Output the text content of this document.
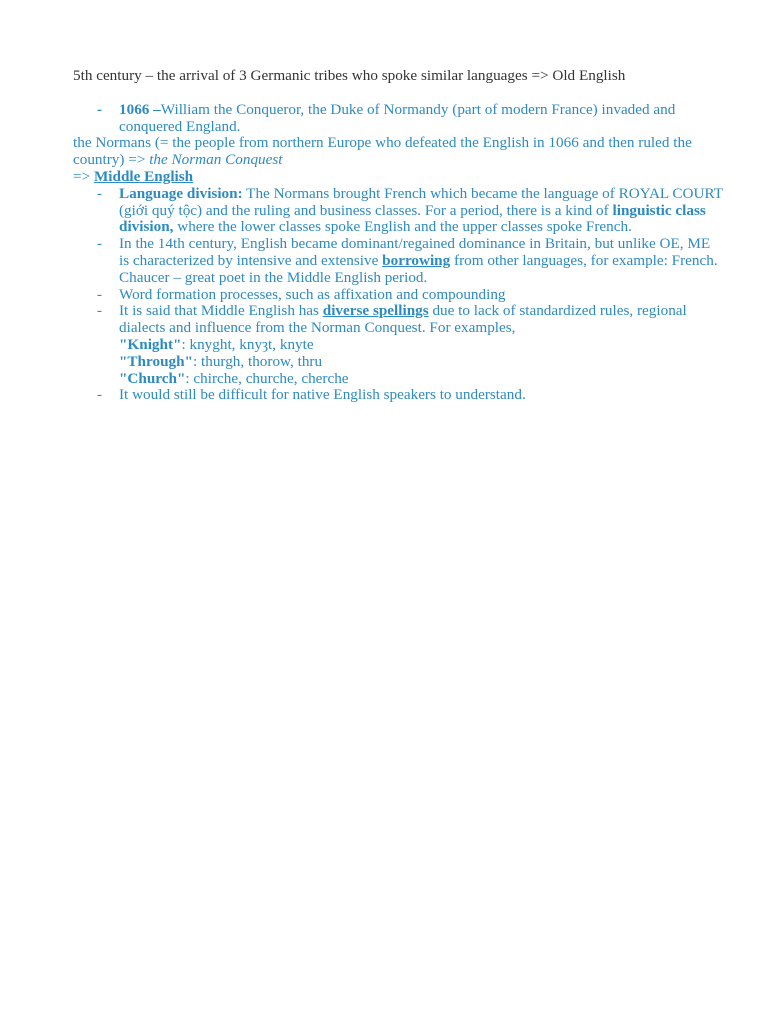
5th century – the arrival of 3 Germanic tribes who spoke similar languages => Old English

- 1066 –William the Conqueror, the Duke of Normandy (part of modern France) invaded and conquered England.

the Normans (= the people from northern Europe who defeated the English in 1066 and then ruled the country) => the Norman Conquest

=> Middle English

- Language division: The Normans brought French which became the language of ROYAL COURT (giới quý tộc) and the ruling and business classes. For a period, there is a kind of linguistic class division, where the lower classes spoke English and the upper classes spoke French.
- In the 14th century, English became dominant/regained dominance in Britain, but unlike OE, ME is characterized by intensive and extensive borrowing from other languages, for example: French. Chaucer – great poet in the Middle English period.
- Word formation processes, such as affixation and compounding
- It is said that Middle English has diverse spellings due to lack of standardized rules, regional dialects and influence from the Norman Conquest. For examples,
"Knight": knyght, knyȝt, knyte
"Through": thurgh, thorow, thru
"Church": chirche, churche, cherche
- It would still be difficult for native English speakers to understand.
